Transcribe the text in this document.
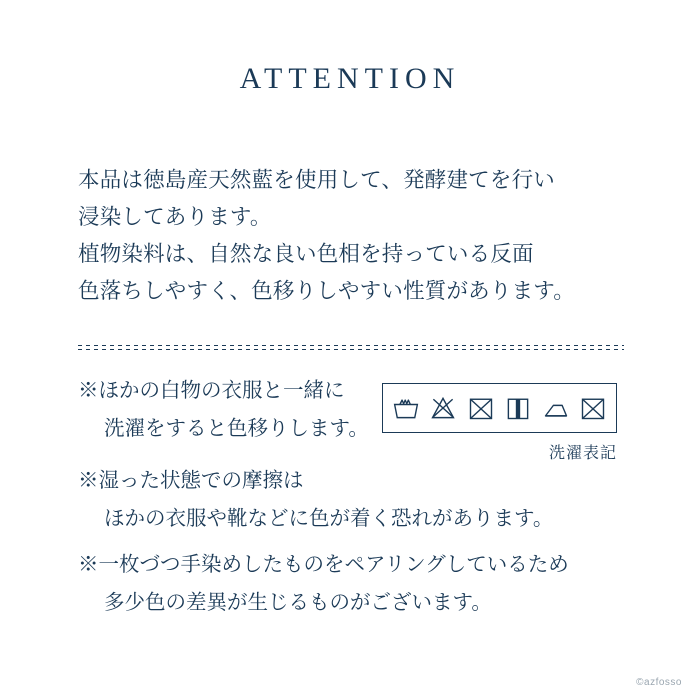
ATTENTION

本品は徳島産天然藍を使用して、発酵建てを行い

浸染してあります。

植物染料は、自然な良い色相を持っている反面

色落ちしやすく、色移りしやすい性質があります。

※ほかの白物の衣服と一緒に
洗濯をすると色移りします。

※湿った状態での摩擦は
ほかの衣服や靴などに色が着く恐れがあります。

※一枚づつ手染めしたものをペアリングしているため
多少色の差異が生じるものがございます。

洗濯表記
©azfosso
